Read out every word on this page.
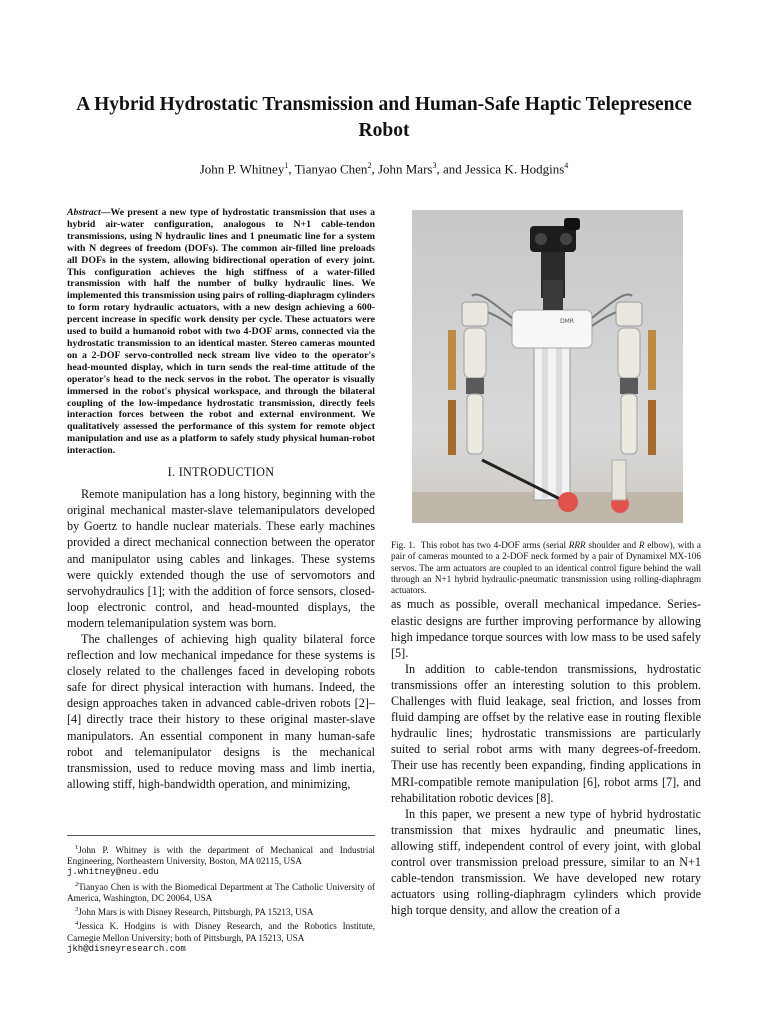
A Hybrid Hydrostatic Transmission and Human-Safe Haptic Telepresence Robot
John P. Whitney$^1$, Tianyao Chen$^2$, John Mars$^3$, and Jessica K. Hodgins$^4$
Abstract—We present a new type of hydrostatic transmission that uses a hybrid air-water configuration, analogous to N+1 cable-tendon transmissions, using N hydraulic lines and 1 pneumatic line for a system with N degrees of freedom (DOFs). The common air-filled line preloads all DOFs in the system, allowing bidirectional operation of every joint. This configuration achieves the high stiffness of a water-filled transmission with half the number of bulky hydraulic lines. We implemented this transmission using pairs of rolling-diaphragm cylinders to form rotary hydraulic actuators, with a new design achieving a 600-percent increase in specific work density per cycle. These actuators were used to build a humanoid robot with two 4-DOF arms, connected via the hydrostatic transmission to an identical master. Stereo cameras mounted on a 2-DOF servo-controlled neck stream live video to the operator's head-mounted display, which in turn sends the real-time attitude of the operator's head to the neck servos in the robot. The operator is visually immersed in the robot's physical workspace, and through the bilateral coupling of the low-impedance hydrostatic transmission, directly feels interaction forces between the robot and external environment. We qualitatively assessed the performance of this system for remote object manipulation and use as a platform to safely study physical human-robot interaction.
I. INTRODUCTION

Remote manipulation has a long history, beginning with the original mechanical master-slave telemanipulators developed by Goertz to handle nuclear materials. These early machines provided a direct mechanical connection between the operator and manipulator using cables and linkages. These systems were quickly extended though the use of servomotors and servohydraulics [1]; with the addition of force sensors, closed-loop electronic control, and head-mounted displays, the modern telemanipulation system was born.

The challenges of achieving high quality bilateral force reflection and low mechanical impedance for these systems is closely related to the challenges faced in developing robots safe for direct physical interaction with humans. Indeed, the design approaches taken in advanced cable-driven robots [2]–[4] directly trace their history to these original master-slave manipulators. An essential component in many human-safe robot and telemanipulator designs is the mechanical transmission, used to reduce moving mass and limb inertia, allowing stiff, high-bandwidth operation, and minimizing,

$^1$John P. Whitney is with the department of Mechanical and Industrial Engineering, Northeastern University, Boston, MA 02115, USA
j.whitney@neu.edu

$^2$Tianyao Chen is with the Biomedical Department at The Catholic University of America, Washington, DC 20064, USA

$^3$John Mars is with Disney Research, Pittsburgh, PA 15213, USA

$^4$Jessica K. Hodgins is with Disney Research, and the Robotics Institute, Carnegie Mellon University; both of Pittsburgh, PA 15213, USA
jkh@disneyresearch.com

DMR
Fig. 1. This robot has two 4-DOF arms (serial RRR shoulder and R elbow), with a pair of cameras mounted to a 2-DOF neck formed by a pair of Dynamixel MX-106 servos. The arm actuators are coupled to an identical control figure behind the wall through an N+1 hybrid hydraulic-pneumatic transmission using rolling-diaphragm actuators.

as much as possible, overall mechanical impedance. Series-elastic designs are further improving performance by allowing high impedance torque sources with low mass to be used safely [5].

In addition to cable-tendon transmissions, hydrostatic transmissions offer an interesting solution to this problem. Challenges with fluid leakage, seal friction, and losses from fluid damping are offset by the relative ease in routing flexible hydraulic lines; hydrostatic transmissions are particularly suited to serial robot arms with many degrees-of-freedom. Their use has recently been expanding, finding applications in MRI-compatible remote manipulation [6], robot arms [7], and rehabilitation robotic devices [8].

In this paper, we present a new type of hybrid hydrostatic transmission that mixes hydraulic and pneumatic lines, allowing stiff, independent control of every joint, with global control over transmission preload pressure, similar to an N+1 cable-tendon transmission. We have developed new rotary actuators using rolling-diaphragm cylinders which provide high torque density, and allow the creation of a
